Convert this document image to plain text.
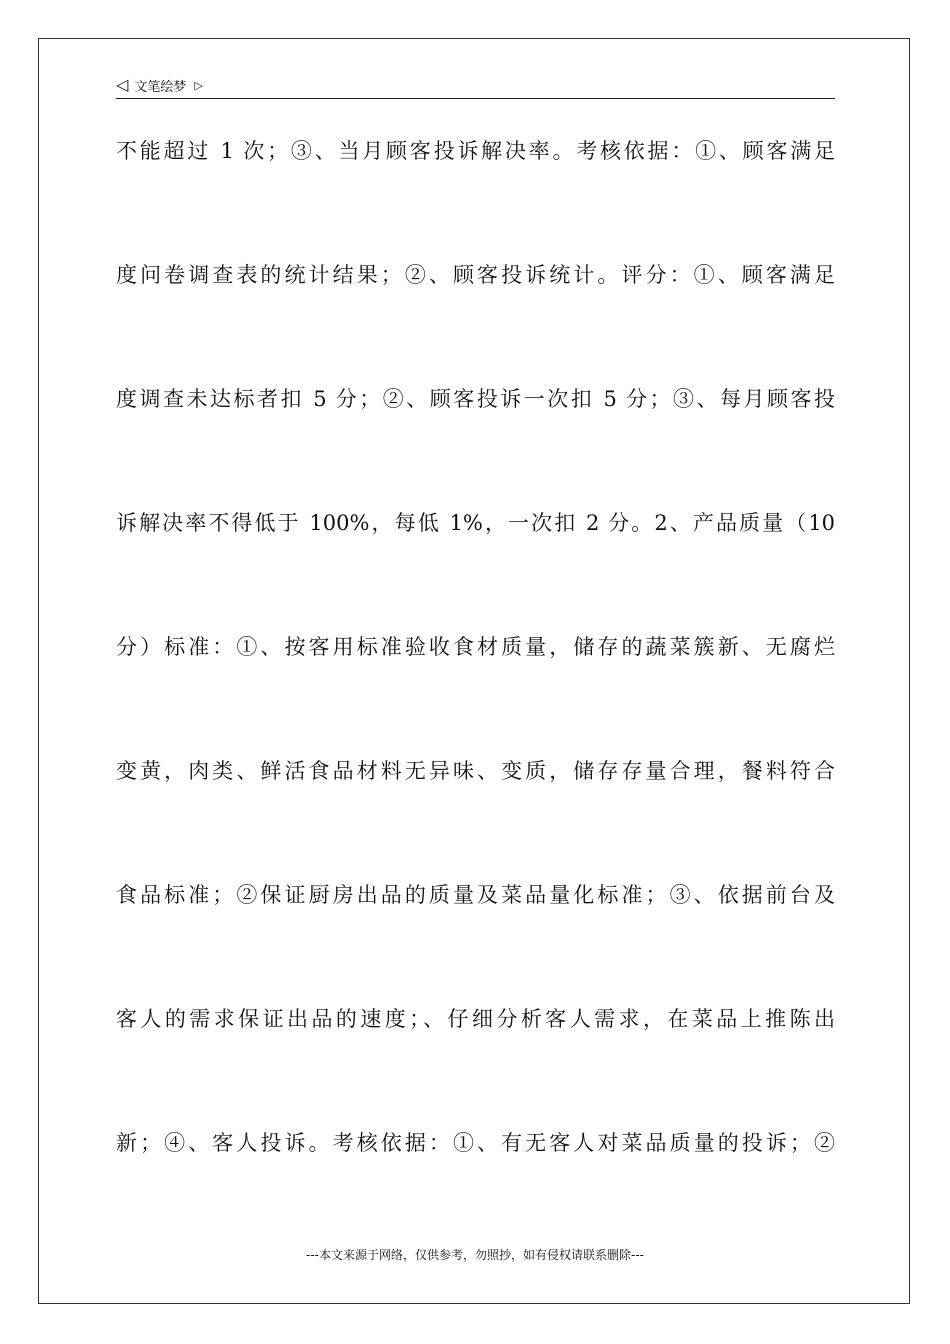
◁ 文笔绘梦 ▷
不能超过 1 次；③、当月顾客投诉解决率。考核依据：①、顾客满足
度问卷调查表的统计结果；②、顾客投诉统计。评分：①、顾客满足
度调查未达标者扣 5 分；②、顾客投诉一次扣 5 分；③、每月顾客投
诉解决率不得低于 100%，每低 1%，一次扣 2 分。2、产品质量（10
分）标准：①、按客用标准验收食材质量，储存的蔬菜簇新、无腐烂
变黄，肉类、鲜活食品材料无异味、变质，储存存量合理，餐料符合
食品标准；②保证厨房出品的质量及菜品量化标准；③、依据前台及
客人的需求保证出品的速度；、仔细分析客人需求，在菜品上推陈出
新；④、客人投诉。考核依据：①、有无客人对菜品质量的投诉；②
---本文来源于网络，仅供参考，勿照抄，如有侵权请联系删除---
